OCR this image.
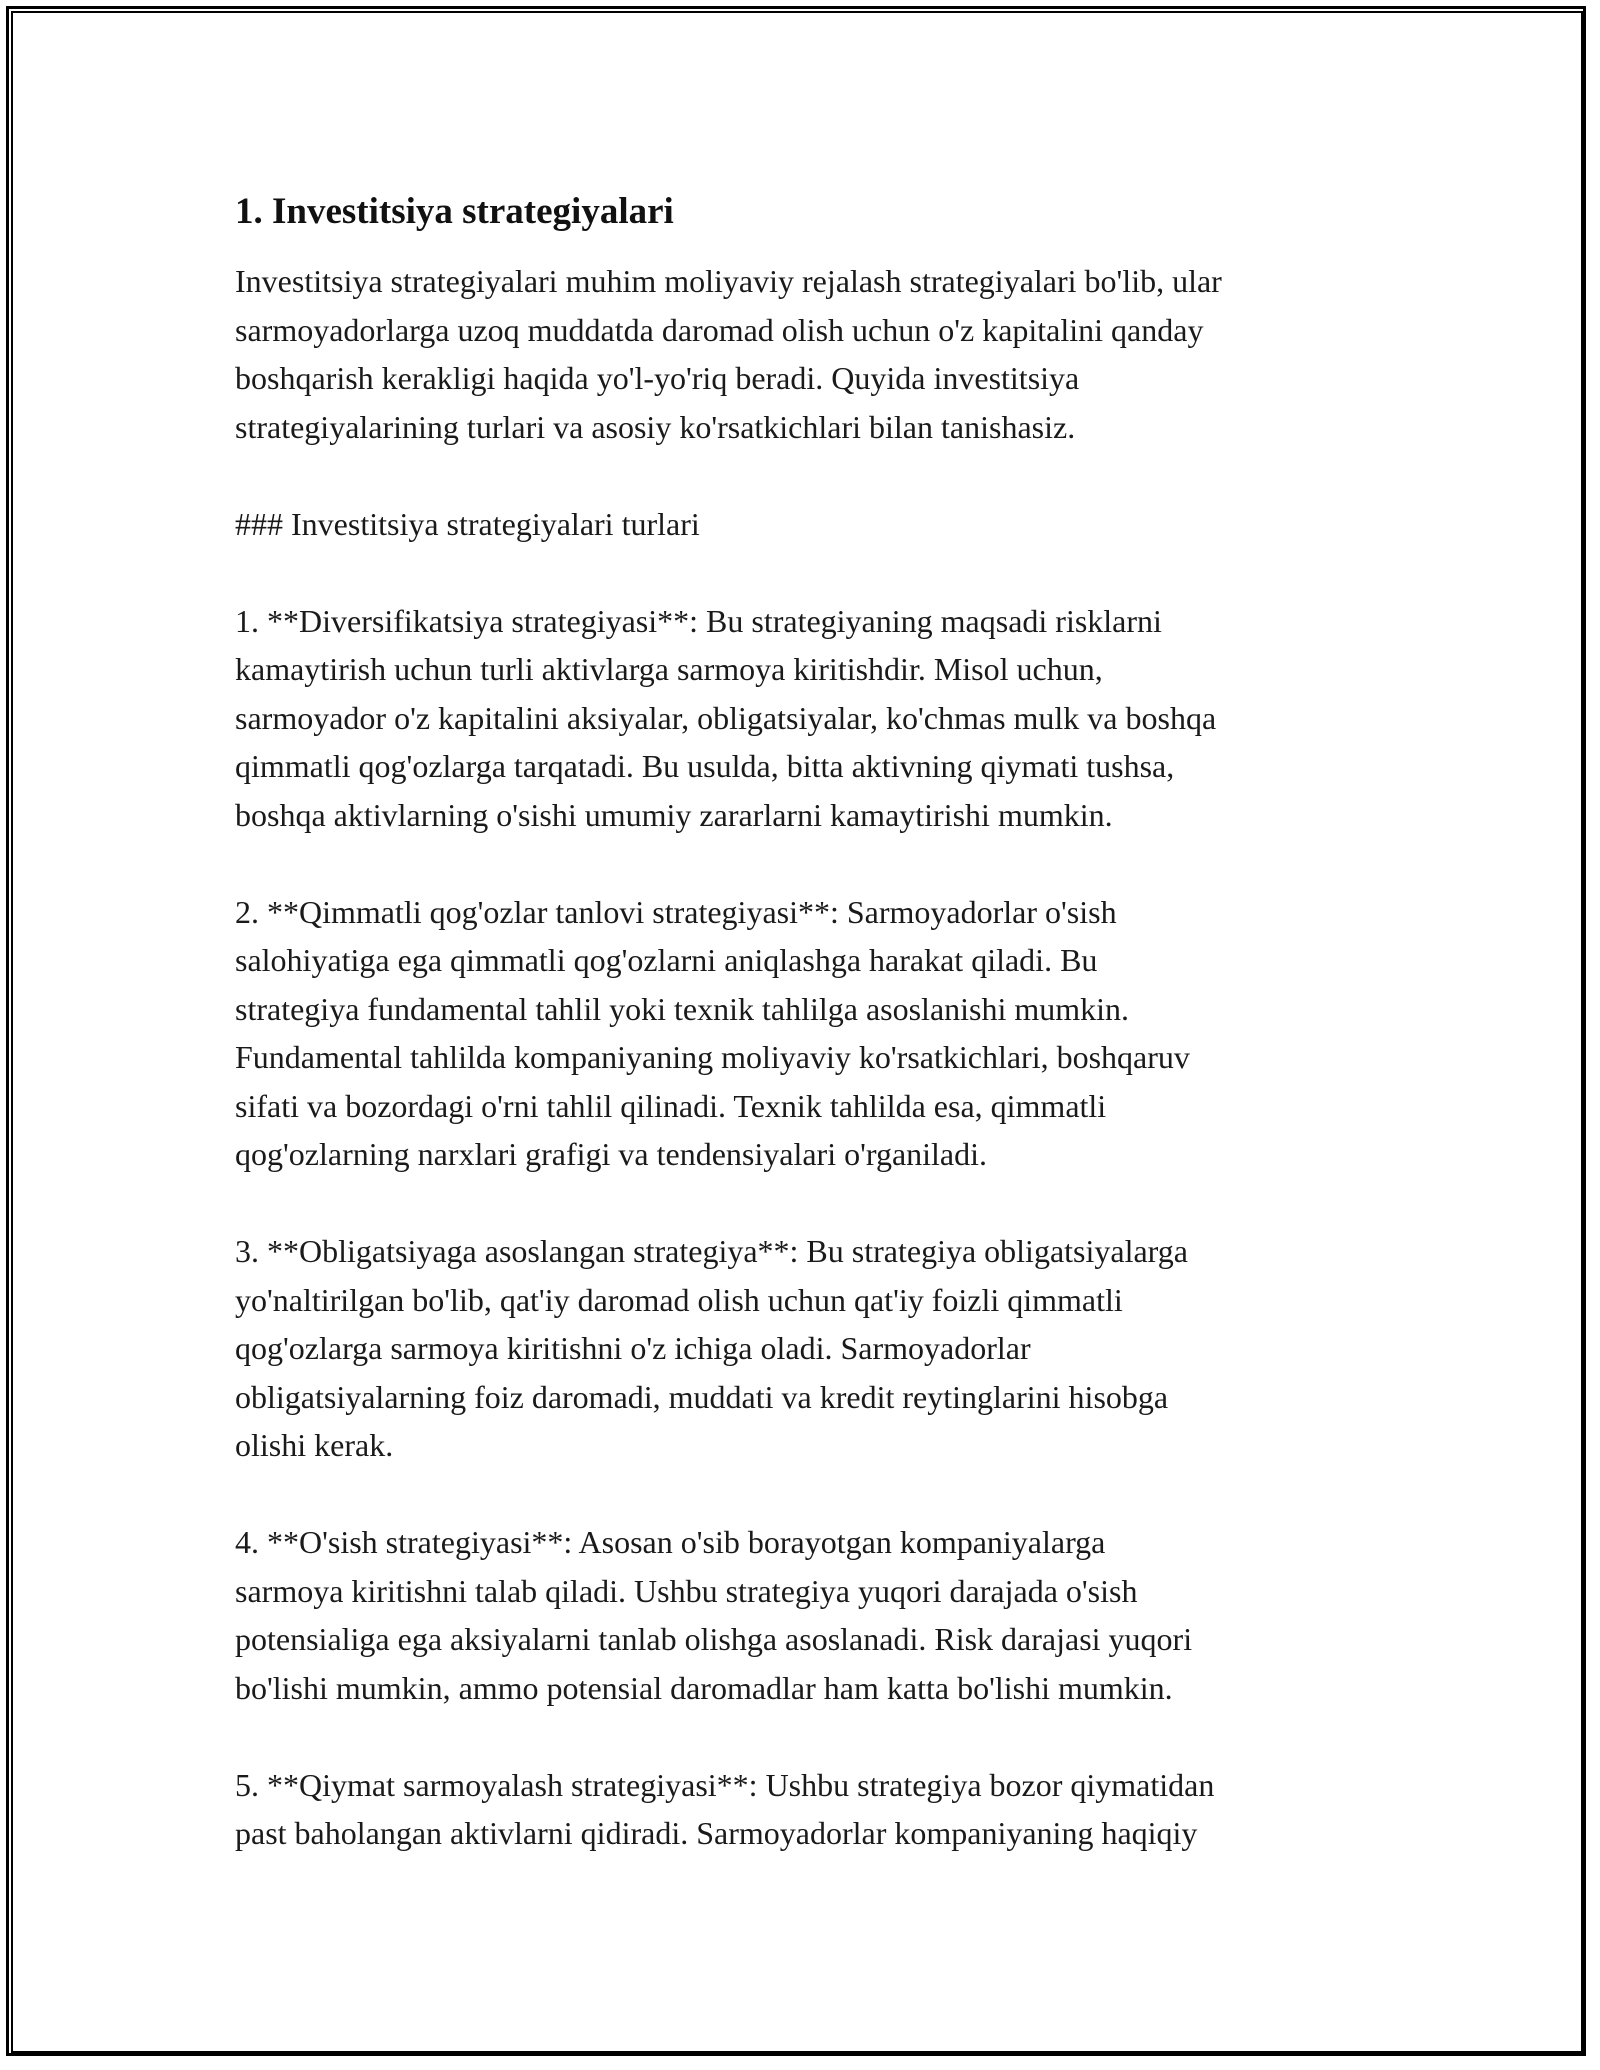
1. Investitsiya strategiyalari

Investitsiya strategiyalari muhim moliyaviy rejalash strategiyalari bo'lib, ular
sarmoyadorlarga uzoq muddatda daromad olish uchun o'z kapitalini qanday
boshqarish kerakligi haqida yo'l-yo'riq beradi. Quyida investitsiya
strategiyalarining turlari va asosiy ko'rsatkichlari bilan tanishasiz.

### Investitsiya strategiyalari turlari

1. **Diversifikatsiya strategiyasi**: Bu strategiyaning maqsadi risklarni
kamaytirish uchun turli aktivlarga sarmoya kiritishdir. Misol uchun,
sarmoyador o'z kapitalini aksiyalar, obligatsiyalar, ko'chmas mulk va boshqa
qimmatli qog'ozlarga tarqatadi. Bu usulda, bitta aktivning qiymati tushsa,
boshqa aktivlarning o'sishi umumiy zararlarni kamaytirishi mumkin.

2. **Qimmatli qog'ozlar tanlovi strategiyasi**: Sarmoyadorlar o'sish
salohiyatiga ega qimmatli qog'ozlarni aniqlashga harakat qiladi. Bu
strategiya fundamental tahlil yoki texnik tahlilga asoslanishi mumkin.
Fundamental tahlilda kompaniyaning moliyaviy ko'rsatkichlari, boshqaruv
sifati va bozordagi o'rni tahlil qilinadi. Texnik tahlilda esa, qimmatli
qog'ozlarning narxlari grafigi va tendensiyalari o'rganiladi.

3. **Obligatsiyaga asoslangan strategiya**: Bu strategiya obligatsiyalarga
yo'naltirilgan bo'lib, qat'iy daromad olish uchun qat'iy foizli qimmatli
qog'ozlarga sarmoya kiritishni o'z ichiga oladi. Sarmoyadorlar
obligatsiyalarning foiz daromadi, muddati va kredit reytinglarini hisobga
olishi kerak.

4. **O'sish strategiyasi**: Asosan o'sib borayotgan kompaniyalarga
sarmoya kiritishni talab qiladi. Ushbu strategiya yuqori darajada o'sish
potensialiga ega aksiyalarni tanlab olishga asoslanadi. Risk darajasi yuqori
bo'lishi mumkin, ammo potensial daromadlar ham katta bo'lishi mumkin.

5. **Qiymat sarmoyalash strategiyasi**: Ushbu strategiya bozor qiymatidan
past baholangan aktivlarni qidiradi. Sarmoyadorlar kompaniyaning haqiqiy
